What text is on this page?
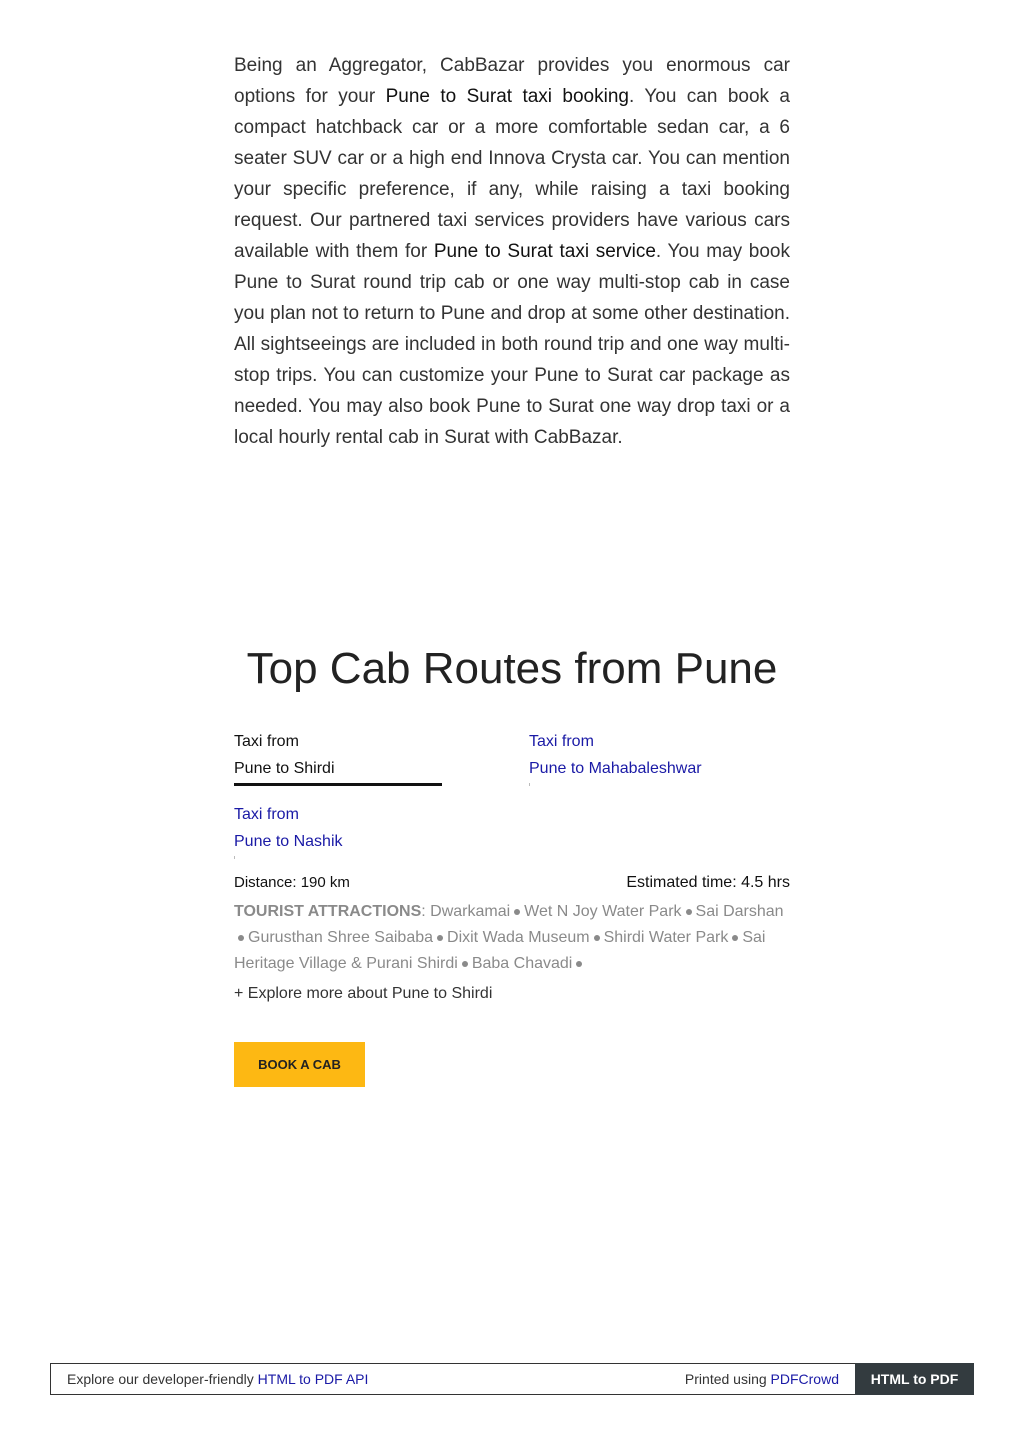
Being an Aggregator, CabBazar provides you enormous car options for your Pune to Surat taxi booking. You can book a compact hatchback car or a more comfortable sedan car, a 6 seater SUV car or a high end Innova Crysta car. You can mention your specific preference, if any, while raising a taxi booking request. Our partnered taxi services providers have various cars available with them for Pune to Surat taxi service. You may book Pune to Surat round trip cab or one way multi-stop cab in case you plan not to return to Pune and drop at some other destination. All sightseeings are included in both round trip and one way multi-stop trips. You can customize your Pune to Surat car package as needed. You may also book Pune to Surat one way drop taxi or a local hourly rental cab in Surat with CabBazar.

Top Cab Routes from Pune
Taxi from
Pune to Shirdi
Taxi from
Pune to Mahabaleshwar
Taxi from
Pune to Nashik
Distance: 190 km	Estimated time: 4.5 hrs
TOURIST ATTRACTIONS: Dwarkamai Wet N Joy Water Park Sai DarshanGurusthan Shree Saibaba Dixit Wada Museum Shirdi Water Park Sai Heritage Village & Purani Shirdi Baba Chavadi
+ Explore more about Pune to Shirdi
BOOK A CAB
Explore our developer-friendly HTML to PDF API	Printed using PDFCrowd	HTML to PDF
